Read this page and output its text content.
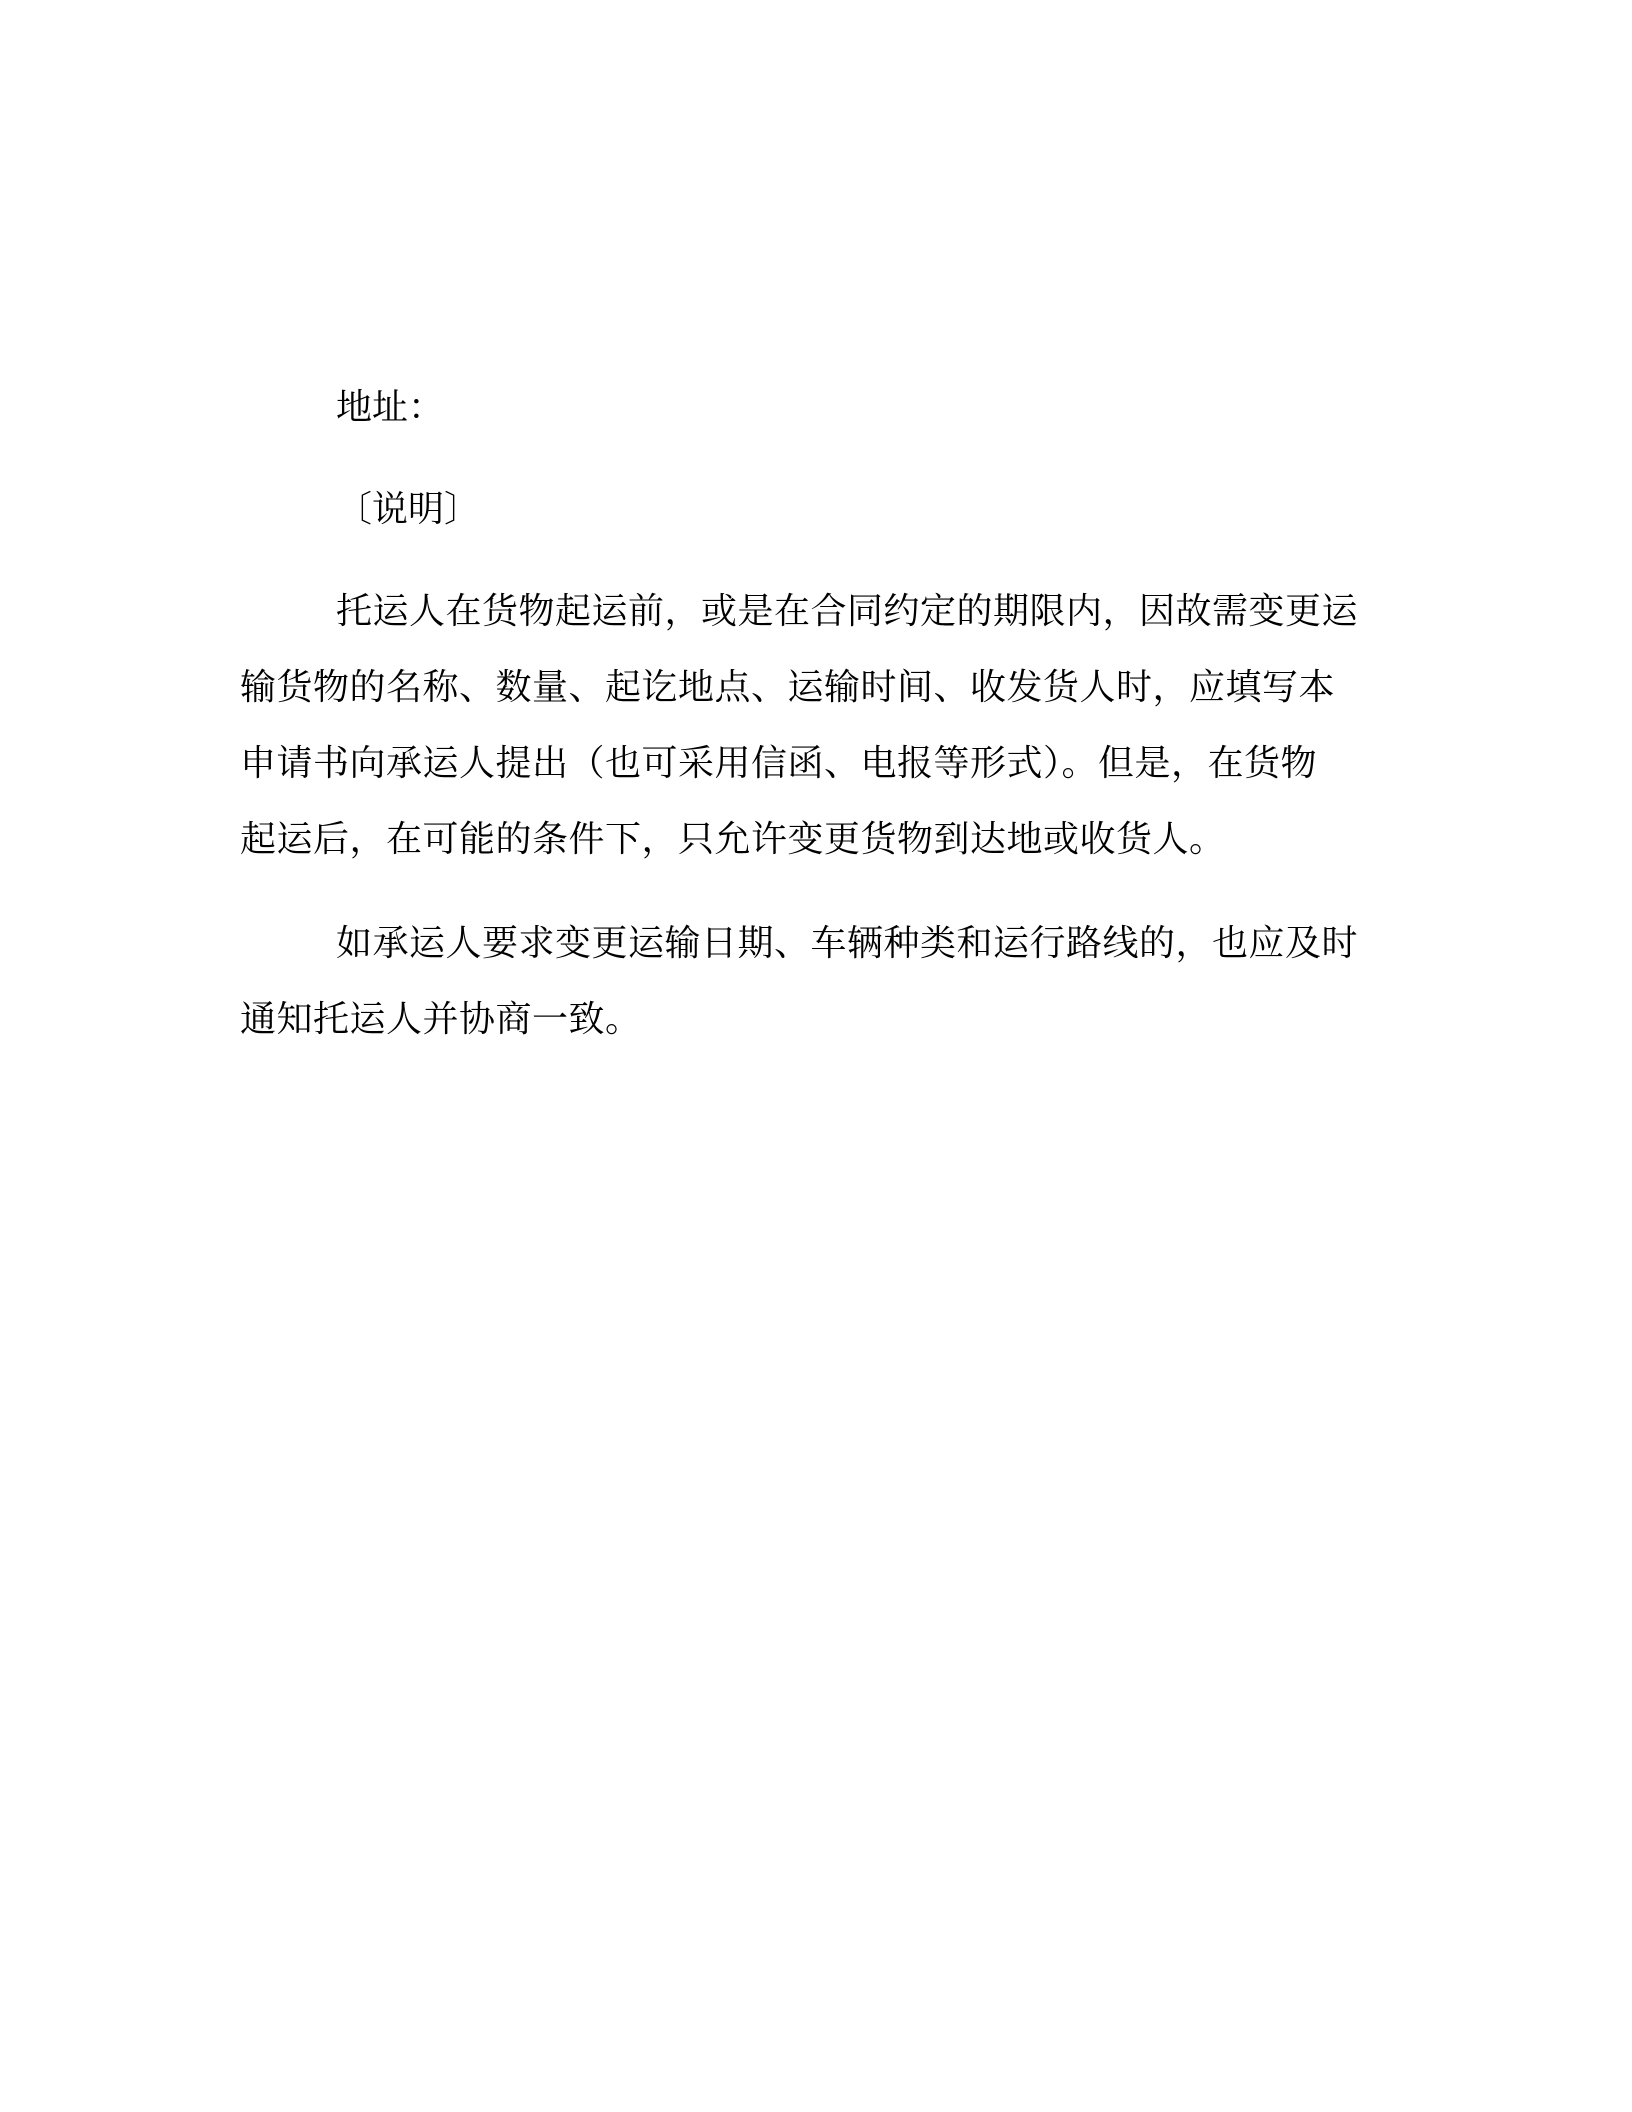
地址：

〔说明〕

托运人在货物起运前，或是在合同约定的期限内，因故需变更运

输货物的名称、数量、起讫地点、运输时间、收发货人时，应填写本

申请书向承运人提出（也可采用信函、电报等形式）。但是，在货物

起运后，在可能的条件下，只允许变更货物到达地或收货人。

如承运人要求变更运输日期、车辆种类和运行路线的，也应及时

通知托运人并协商一致。
